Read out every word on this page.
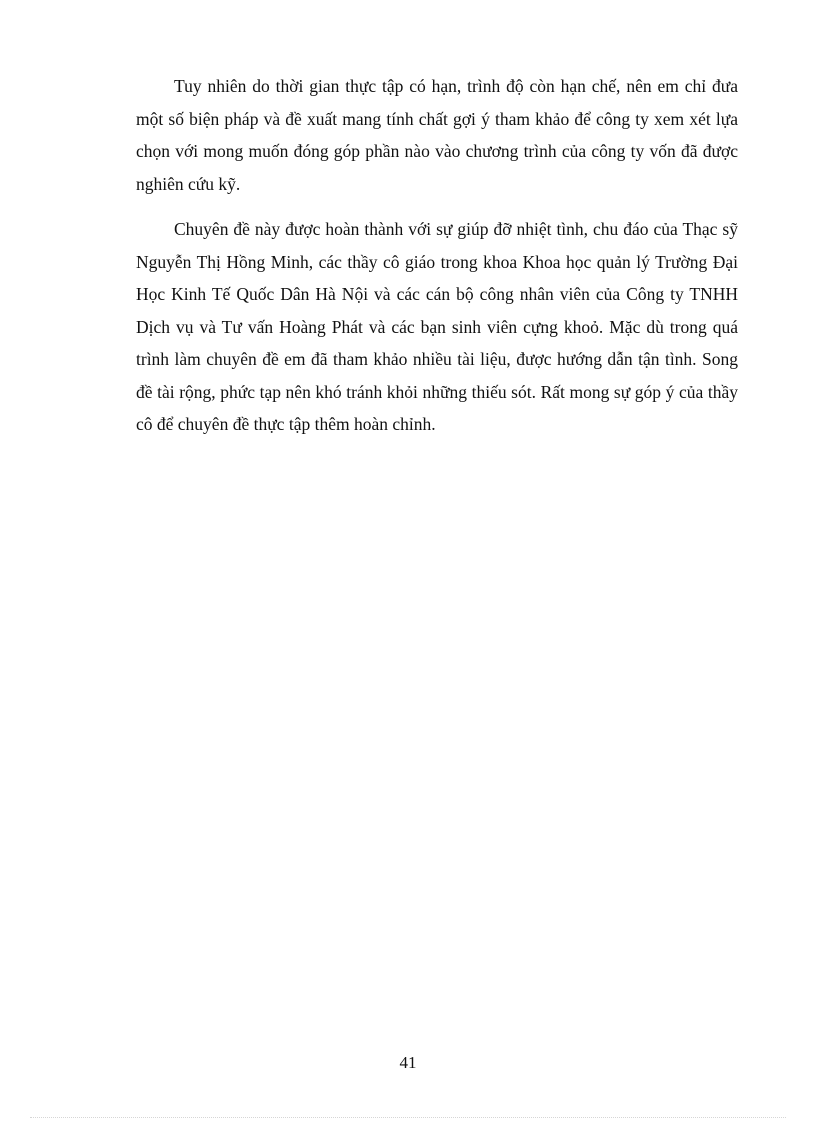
Tuy nhiên do thời gian thực tập có hạn, trình độ còn hạn chế, nên em chỉ đưa một số biện pháp và đề xuất mang tính chất gợi ý tham khảo để công ty xem xét lựa chọn với mong muốn đóng góp phần nào vào chương trình của công ty vốn đã được nghiên cứu kỹ.

Chuyên đề này được hoàn thành với sự giúp đỡ nhiệt tình, chu đáo của Thạc sỹ Nguyễn Thị Hồng Minh, các thầy cô giáo trong khoa Khoa học quản lý Trường Đại Học Kinh Tế Quốc Dân Hà Nội và các cán bộ công nhân viên của Công ty TNHH Dịch vụ và Tư vấn Hoàng Phát và các bạn sinh viên cựng khoỏ. Mặc dù trong quá trình làm chuyên đề em đã tham khảo nhiều tài liệu, được hướng dẫn tận tình. Song đề tài rộng, phức tạp nên khó tránh khỏi những thiếu sót. Rất mong sự góp ý của thầy cô để chuyên đề thực tập thêm hoàn chỉnh.

41
